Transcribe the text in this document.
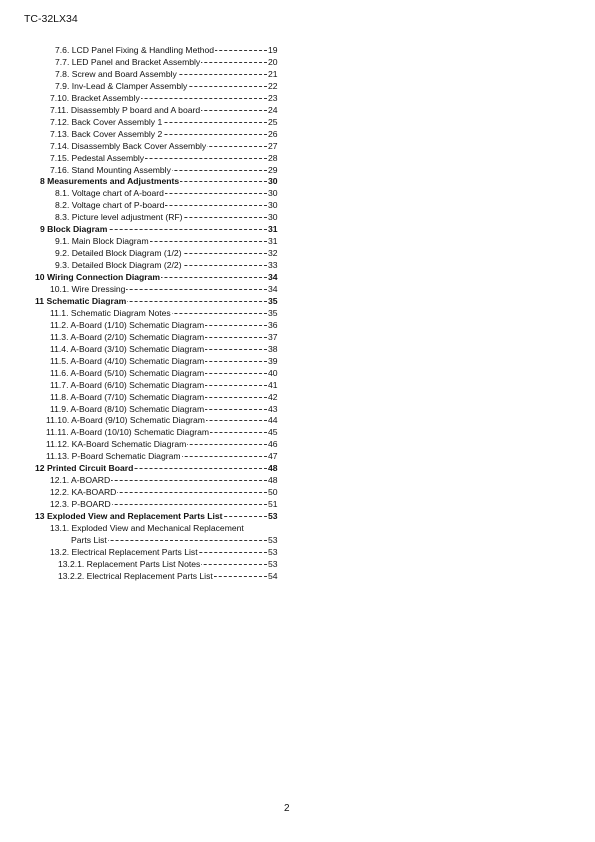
TC-32LX34
7.6. LCD Panel Fixing & Handling Method	19
7.7. LED Panel and Bracket Assembly	20
7.8. Screw and Board Assembly	21
7.9. Inv-Lead & Clamper Assembly	22
7.10. Bracket Assembly	23
7.11. Disassembly P board and A board	24
7.12. Back Cover Assembly 1	25
7.13. Back Cover Assembly 2	26
7.14. Disassembly Back Cover Assembly	27
7.15. Pedestal Assembly	28
7.16. Stand Mounting Assembly	29
8 Measurements and Adjustments	30
8.1. Voltage chart of A-board	30
8.2. Voltage chart of P-board	30
8.3. Picture level adjustment (RF)	30
9 Block Diagram	31
9.1. Main Block Diagram	31
9.2. Detailed Block Diagram (1/2)	32
9.3. Detailed Block Diagram (2/2)	33
10 Wiring Connection Diagram	34
10.1. Wire Dressing	34
11 Schematic Diagram	35
11.1. Schematic Diagram Notes	35
11.2. A-Board (1/10) Schematic Diagram	36
11.3. A-Board (2/10) Schematic Diagram	37
11.4. A-Board (3/10) Schematic Diagram	38
11.5. A-Board (4/10) Schematic Diagram	39
11.6. A-Board (5/10) Schematic Diagram	40
11.7. A-Board (6/10) Schematic Diagram	41
11.8. A-Board (7/10) Schematic Diagram	42
11.9. A-Board (8/10) Schematic Diagram	43
11.10. A-Board (9/10) Schematic Diagram	44
11.11. A-Board (10/10) Schematic Diagram	45
11.12. KA-Board Schematic Diagram	46
11.13. P-Board Schematic Diagram	47
12 Printed Circuit Board	48
12.1. A-BOARD	48
12.2. KA-BOARD	50
12.3. P-BOARD	51
13 Exploded View and Replacement Parts List	53
13.1. Exploded View and Mechanical Replacement
Parts List	53
13.2. Electrical Replacement Parts List	53
13.2.1. Replacement Parts List Notes	53
13.2.2. Electrical Replacement Parts List	54
2
